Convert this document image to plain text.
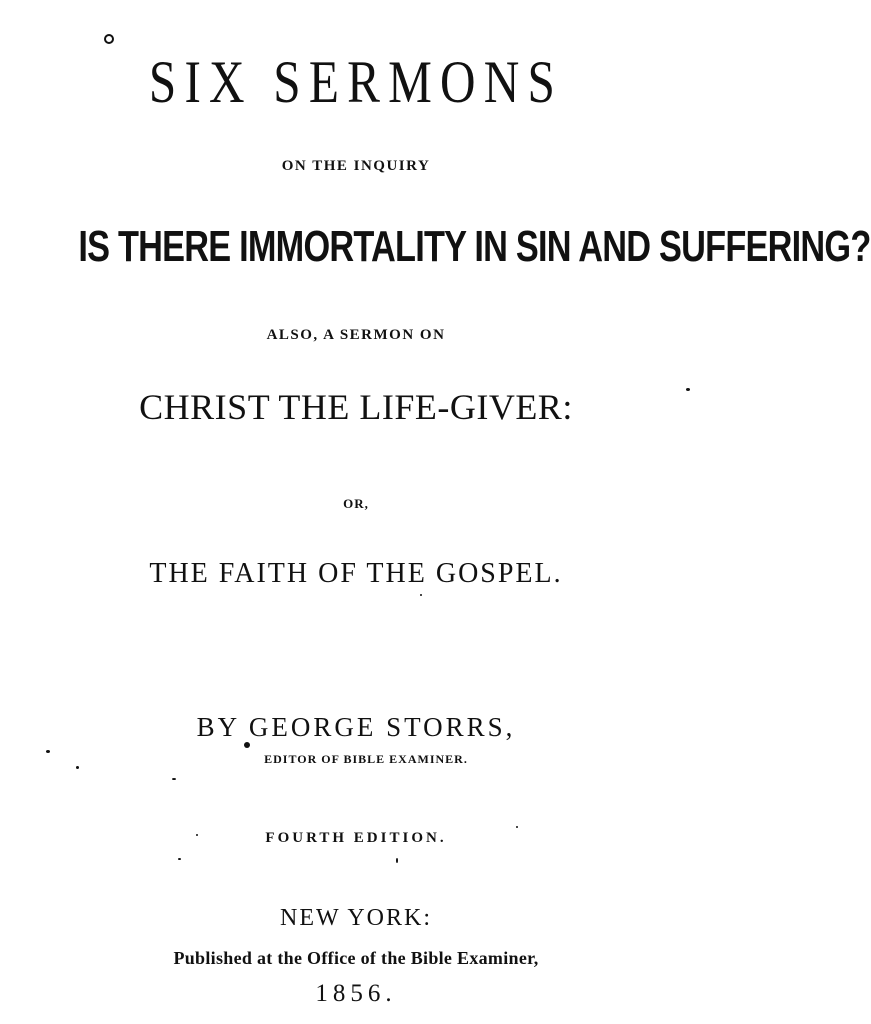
SIX SERMONS
ON THE INQUIRY
IS THERE IMMORTALITY IN SIN AND SUFFERING?
ALSO, A SERMON ON
CHRIST THE LIFE-GIVER:
OR,
THE FAITH OF THE GOSPEL.
BY GEORGE STORRS,
EDITOR OF BIBLE EXAMINER.
FOURTH EDITION.
NEW YORK:
Published at the Office of the Bible Examiner,
1856.
